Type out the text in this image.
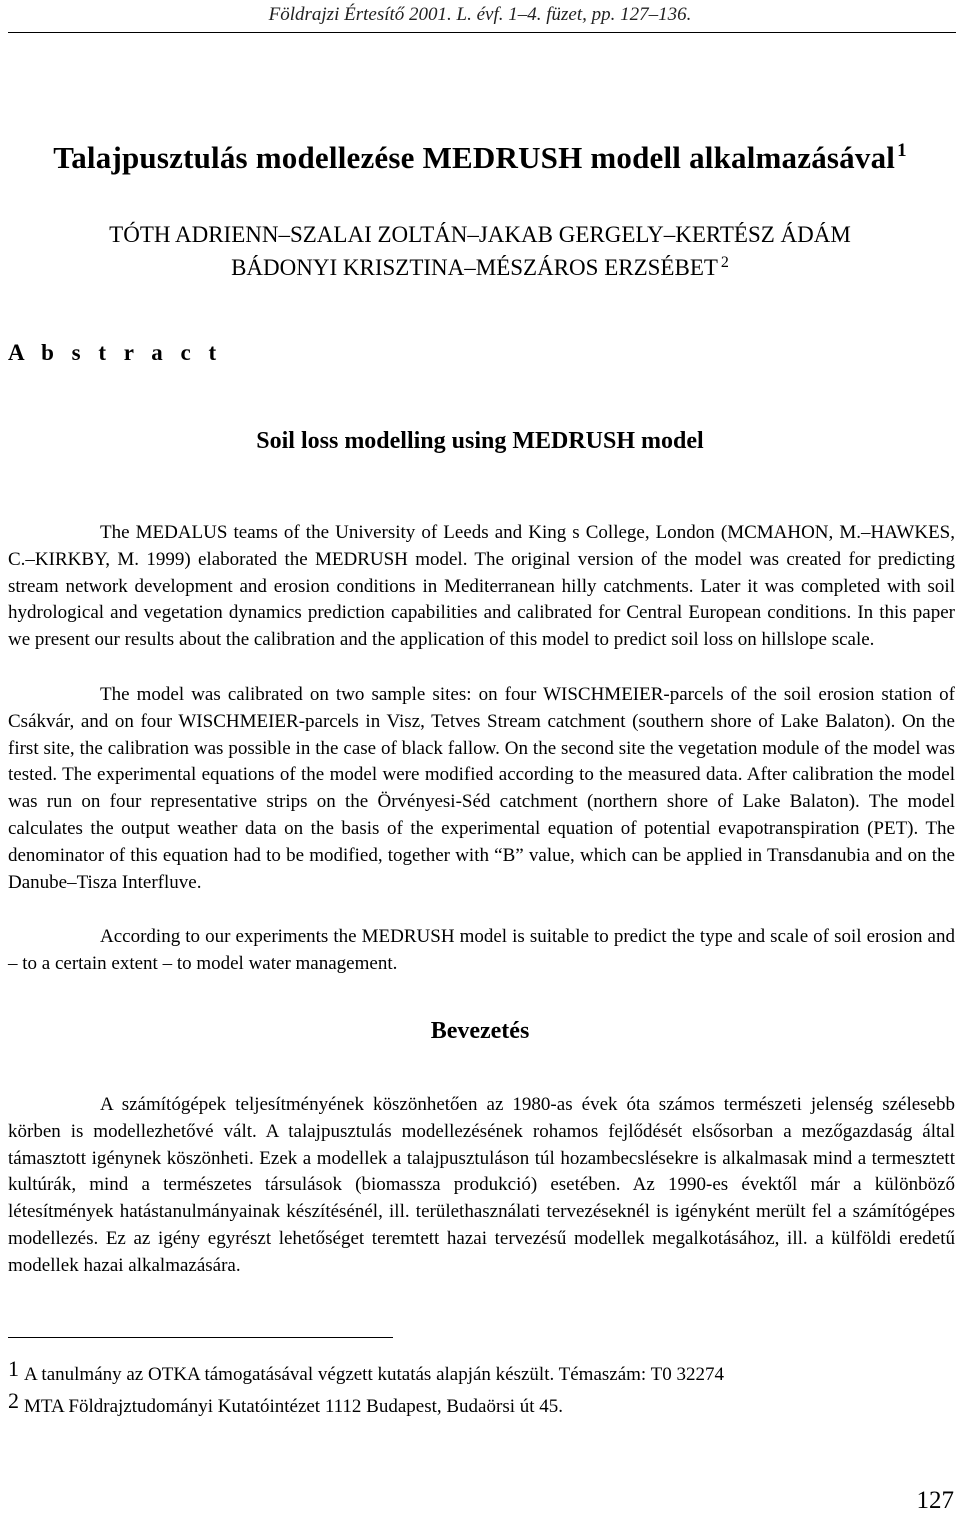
Földrajzi Értesítő 2001. L. évf. 1–4. füzet, pp. 127–136.
Talajpusztulás modellezése MEDRUSH modell alkalmazásával $^1$
TÓTH ADRIENN–SZALAI ZOLTÁN–JAKAB GERGELY–KERTÉSZ ÁDÁM
BÁDONYI KRISZTINA–MÉSZÁROS ERZSÉBET $^2$
A b s t r a c t
Soil loss modelling using MEDRUSH model

The MEDALUS teams of the University of Leeds and King s College, London (MCMAHON, M.–HAWKES, C.–KIRKBY, M. 1999) elaborated the MEDRUSH model. The original version of the model was created for predicting stream network development and erosion conditions in Mediterranean hilly catchments. Later it was completed with soil hydrological and vegetation dynamics prediction capabilities and calibrated for Central European conditions. In this paper we present our results about the calibration and the application of this model to predict soil loss on hillslope scale.

The model was calibrated on two sample sites: on four WISCHMEIER-parcels of the soil erosion station of Csákvár, and on four WISCHMEIER-parcels in Visz, Tetves Stream catchment (southern shore of Lake Balaton). On the first site, the calibration was possible in the case of black fallow. On the second site the vegetation module of the model was tested. The experimental equations of the model were modified according to the measured data. After calibration the model was run on four representative strips on the Örvényesi-Séd catchment (northern shore of Lake Balaton). The model calculates the output weather data on the basis of the experimental equation of potential evapotranspiration (PET). The denominator of this equation had to be modified, together with “B” value, which can be applied in Transdanubia and on the Danube–Tisza Interfluve.

According to our experiments the MEDRUSH model is suitable to predict the type and scale of soil erosion and – to a certain extent – to model water management.

Bevezetés

A számítógépek teljesítményének köszönhetően az 1980-as évek óta számos természeti jelenség szélesebb körben is modellezhetővé vált. A talajpusztulás modellezésének rohamos fejlődését elsősorban a mezőgazdaság által támasztott igénynek köszönheti. Ezek a modellek a talajpusztuláson túl hozambecslésekre is alkalmasak mind a termesztett kultúrák, mind a természetes társulások (biomassza produkció) esetében. Az 1990-es évektől már a különböző létesítmények hatástanulmányainak készítésénél, ill. területhasználati tervezéseknél is igényként merült fel a számítógépes modellezés. Ez az igény egyrészt lehetőséget teremtett hazai tervezésű modellek megalkotásához, ill. a külföldi eredetű modellek hazai alkalmazására.

1 A tanulmány az OTKA támogatásával végzett kutatás alapján készült. Témaszám: T0 32274
2 MTA Földrajztudományi Kutatóintézet 1112 Budapest, Budaörsi út 45.
127
